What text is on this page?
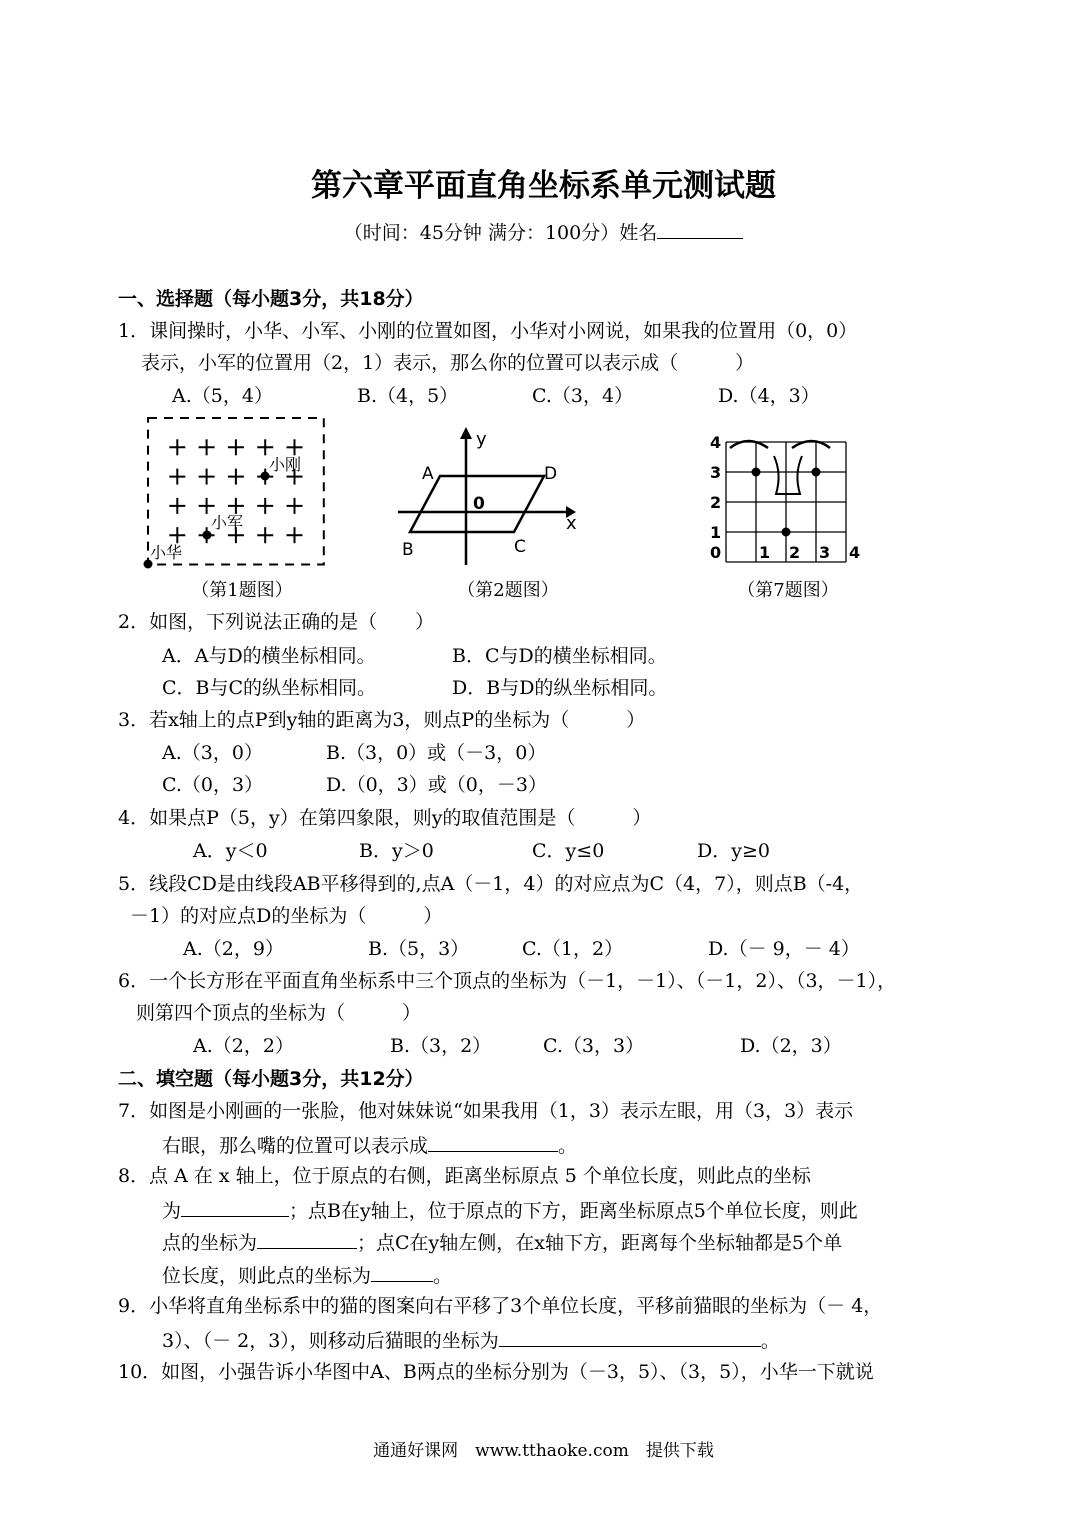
第六章平面直角坐标系单元测试题
（时间：45分钟 满分：100分）姓名
一、选择题（每小题3分，共18分）
1．课间操时，小华、小军、小刚的位置如图，小华对小网说，如果我的位置用（0，0）
表示，小军的位置用（2，1）表示，那么你的位置可以表示成（　　　）
A.（5，4）	B.（4，5）	C.（3，4）	D.（4，3）
小刚
小军
小华
A	D
B	C
0
x
y
0 1 2 3 4
1
2
3
4
（第1题图）	（第2题图）	（第7题图）
2．如图，下列说法正确的是（　　）
A．A与D的横坐标相同。	B．C与D的横坐标相同。
C．B与C的纵坐标相同。	D．B与D的纵坐标相同。
3．若x轴上的点P到y轴的距离为3，则点P的坐标为（　　　）
A.（3，0）	B.（3，0）或（－3，0）
C.（0，3）	D.（0，3）或（0，－3）
4．如果点P（5，y）在第四象限，则y的取值范围是（　　　）
A．y＜0	B．y＞0	C．y≤0	D．y≥0
5．线段CD是由线段AB平移得到的,点A（－1，4）的对应点为C（4，7），则点B（-4，
－1）的对应点D的坐标为（　　　）
A.（2，9）	B.（5，3）	C.（1，2）	D.（－ 9，－ 4）
6．一个长方形在平面直角坐标系中三个顶点的坐标为（－1，－1）、（－1，2）、（3，－1），
则第四个顶点的坐标为（　　　）
A.（2，2）	B.（3，2）	C.（3，3）	D.（2，3）
二、填空题（每小题3分，共12分）
7．如图是小刚画的一张脸，他对妹妹说“如果我用（1，3）表示左眼，用（3，3）表示
右眼，那么嘴的位置可以表示成	。
8．点 A 在 x 轴上，位于原点的右侧，距离坐标原点 5 个单位长度，则此点的坐标
为	；点B在y轴上，位于原点的下方，距离坐标原点5个单位长度，则此
点的坐标为	；点C在y轴左侧，在x轴下方，距离每个坐标轴都是5个单
位长度，则此点的坐标为	。
9．小华将直角坐标系中的猫的图案向右平移了3个单位长度，平移前猫眼的坐标为（－ 4，
3）、（－ 2，3），则移动后猫眼的坐标为	。
10．如图，小强告诉小华图中A、B两点的坐标分别为（－3，5）、（3，5），小华一下就说
通通好课网　www.tthaoke.com　提供下载
